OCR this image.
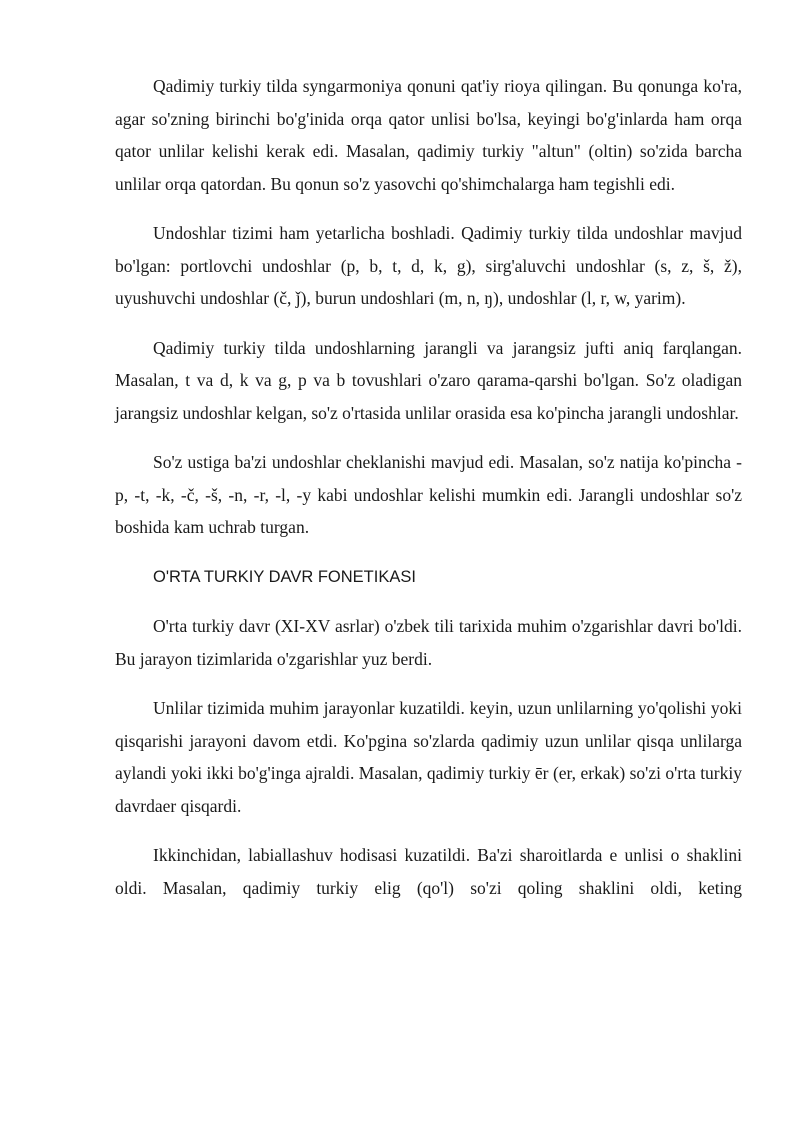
Qadimiy turkiy tilda syngarmoniya qonuni qat'iy rioya qilingan. Bu qonunga ko'ra, agar so'zning birinchi bo'g'inida orqa qator unlisi bo'lsa, keyingi bo'g'inlarda ham orqa qator unlilar kelishi kerak edi. Masalan, qadimiy turkiy "altun" (oltin) so'zida barcha unlilar orqa qatordan. Bu qonun so'z yasovchi qo'shimchalarga ham tegishli edi.

Undoshlar tizimi ham yetarlicha boshladi. Qadimiy turkiy tilda undoshlar mavjud bo'lgan: portlovchi undoshlar (p, b, t, d, k, g), sirg'aluvchi undoshlar (s, z, š, ž), uyushuvchi undoshlar (č, ǰ), burun undoshlari (m, n, ŋ), undoshlar (l, r, w, yarim).

Qadimiy turkiy tilda undoshlarning jarangli va jarangsiz jufti aniq farqlangan. Masalan, t va d, k va g, p va b tovushlari o'zaro qarama-qarshi bo'lgan. So'z oladigan jarangsiz undoshlar kelgan, so'z o'rtasida unlilar orasida esa ko'pincha jarangli undoshlar.

So'z ustiga ba'zi undoshlar cheklanishi mavjud edi. Masalan, so'z natija ko'pincha -p, -t, -k, -č, -š, -n, -r, -l, -y kabi undoshlar kelishi mumkin edi. Jarangli undoshlar so'z boshida kam uchrab turgan.

O'RTA TURKIY DAVR FONETIKASI

O'rta turkiy davr (XI-XV asrlar) o'zbek tili tarixida muhim o'zgarishlar davri bo'ldi. Bu jarayon tizimlarida o'zgarishlar yuz berdi.

Unlilar tizimida muhim jarayonlar kuzatildi. keyin, uzun unlilarning yo'qolishi yoki qisqarishi jarayoni davom etdi. Ko'pgina so'zlarda qadimiy uzun unlilar qisqa unlilarga aylandi yoki ikki bo'g'inga ajraldi. Masalan, qadimiy turkiy ēr (er, erkak) so'zi o'rta turkiy davrdaer qisqardi.

Ikkinchidan, labiallashuv hodisasi kuzatildi. Ba'zi sharoitlarda e unlisi o shaklini oldi. Masalan, qadimiy turkiy elig (qo'l) so'zi qoling shaklini oldi, keting
